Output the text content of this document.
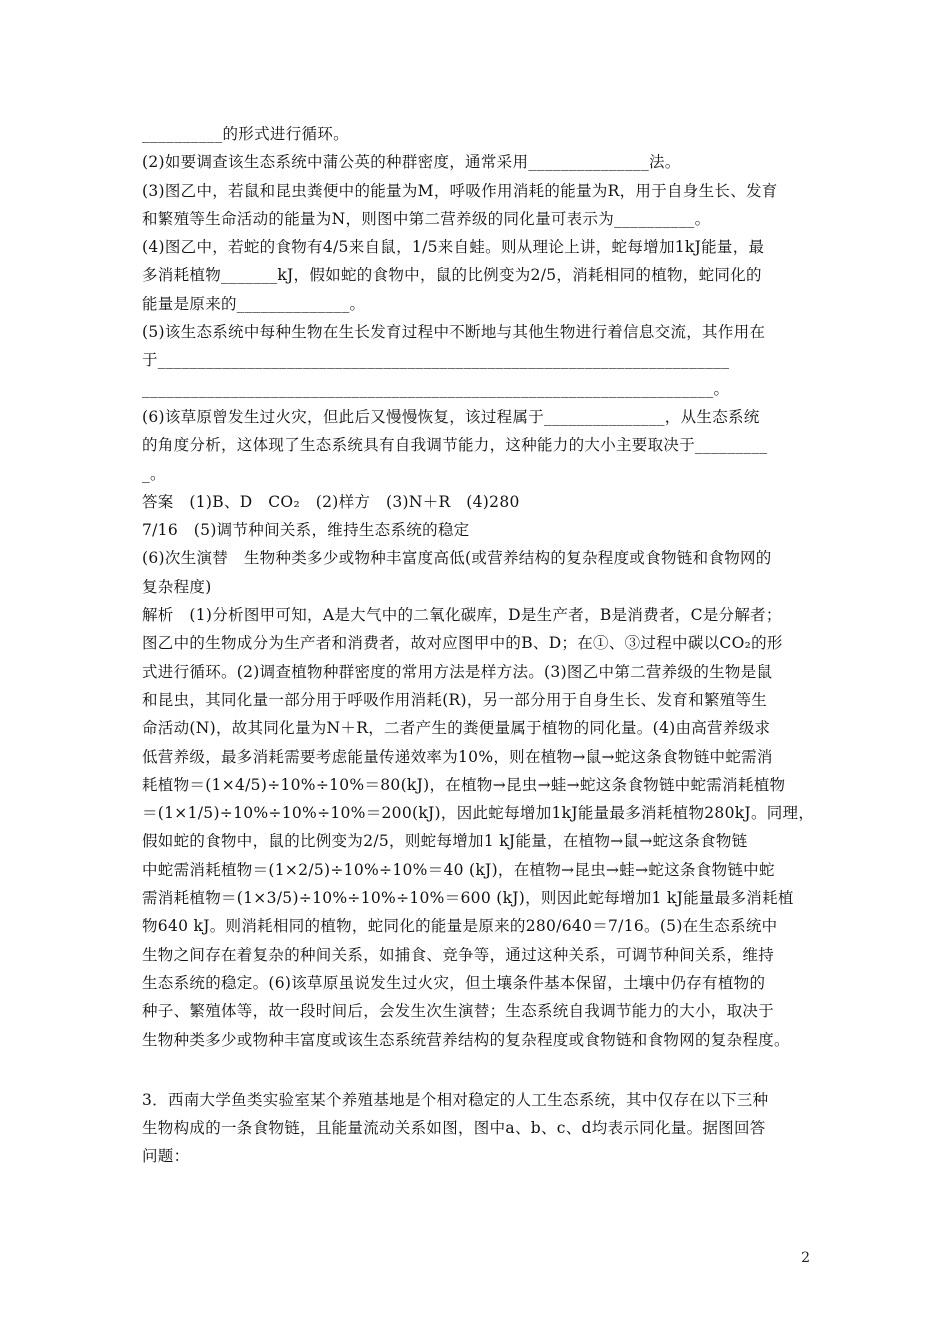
__________的形式进行循环。

(2)如要调查该生态系统中蒲公英的种群密度，通常采用_______________法。

(3)图乙中，若鼠和昆虫粪便中的能量为M，呼吸作用消耗的能量为R，用于自身生长、发育

和繁殖等生命活动的能量为N，则图中第二营养级的同化量可表示为__________。

(4)图乙中，若蛇的食物有4/5来自鼠，1/5来自蛙。则从理论上讲，蛇每增加1kJ能量，最

多消耗植物_______kJ，假如蛇的食物中，鼠的比例变为2/5，消耗相同的植物，蛇同化的

能量是原来的______________。

(5)该生态系统中每种生物在生长发育过程中不断地与其他生物进行着信息交流，其作用在

于_______________________________________________________________________

_______________________________________________________________________。

(6)该草原曾发生过火灾，但此后又慢慢恢复，该过程属于_______________，从生态系统

的角度分析，这体现了生态系统具有自我调节能力，这种能力的大小主要取决于_________

_。

答案　(1)B、D　CO₂　(2)样方　(3)N＋R　(4)280

7/16　(5)调节种间关系，维持生态系统的稳定

(6)次生演替　生物种类多少或物种丰富度高低(或营养结构的复杂程度或食物链和食物网的

复杂程度)

解析　(1)分析图甲可知，A是大气中的二氧化碳库，D是生产者，B是消费者，C是分解者；

图乙中的生物成分为生产者和消费者，故对应图甲中的B、D；在①、③过程中碳以CO₂的形

式进行循环。(2)调查植物种群密度的常用方法是样方法。(3)图乙中第二营养级的生物是鼠

和昆虫，其同化量一部分用于呼吸作用消耗(R)，另一部分用于自身生长、发育和繁殖等生

命活动(N)，故其同化量为N＋R，二者产生的粪便量属于植物的同化量。(4)由高营养级求

低营养级，最多消耗需要考虑能量传递效率为10%，则在植物→鼠→蛇这条食物链中蛇需消

耗植物＝(1×4/5)÷10%÷10%＝80(kJ)，在植物→昆虫→蛙→蛇这条食物链中蛇需消耗植物

＝(1×1/5)÷10%÷10%÷10%＝200(kJ)，因此蛇每增加1kJ能量最多消耗植物280kJ。同理，

假如蛇的食物中，鼠的比例变为2/5，则蛇每增加1 kJ能量，在植物→鼠→蛇这条食物链

中蛇需消耗植物＝(1×2/5)÷10%÷10%＝40 (kJ)，在植物→昆虫→蛙→蛇这条食物链中蛇

需消耗植物＝(1×3/5)÷10%÷10%÷10%＝600 (kJ)，则因此蛇每增加1 kJ能量最多消耗植

物640 kJ。则消耗相同的植物，蛇同化的能量是原来的280/640＝7/16。(5)在生态系统中

生物之间存在着复杂的种间关系，如捕食、竞争等，通过这种关系，可调节种间关系，维持

生态系统的稳定。(6)该草原虽说发生过火灾，但土壤条件基本保留，土壤中仍存有植物的

种子、繁殖体等，故一段时间后，会发生次生演替；生态系统自我调节能力的大小，取决于

生物种类多少或物种丰富度或该生态系统营养结构的复杂程度或食物链和食物网的复杂程度。

3．西南大学鱼类实验室某个养殖基地是个相对稳定的人工生态系统，其中仅存在以下三种

生物构成的一条食物链，且能量流动关系如图，图中a、b、c、d均表示同化量。据图回答

问题：

2
